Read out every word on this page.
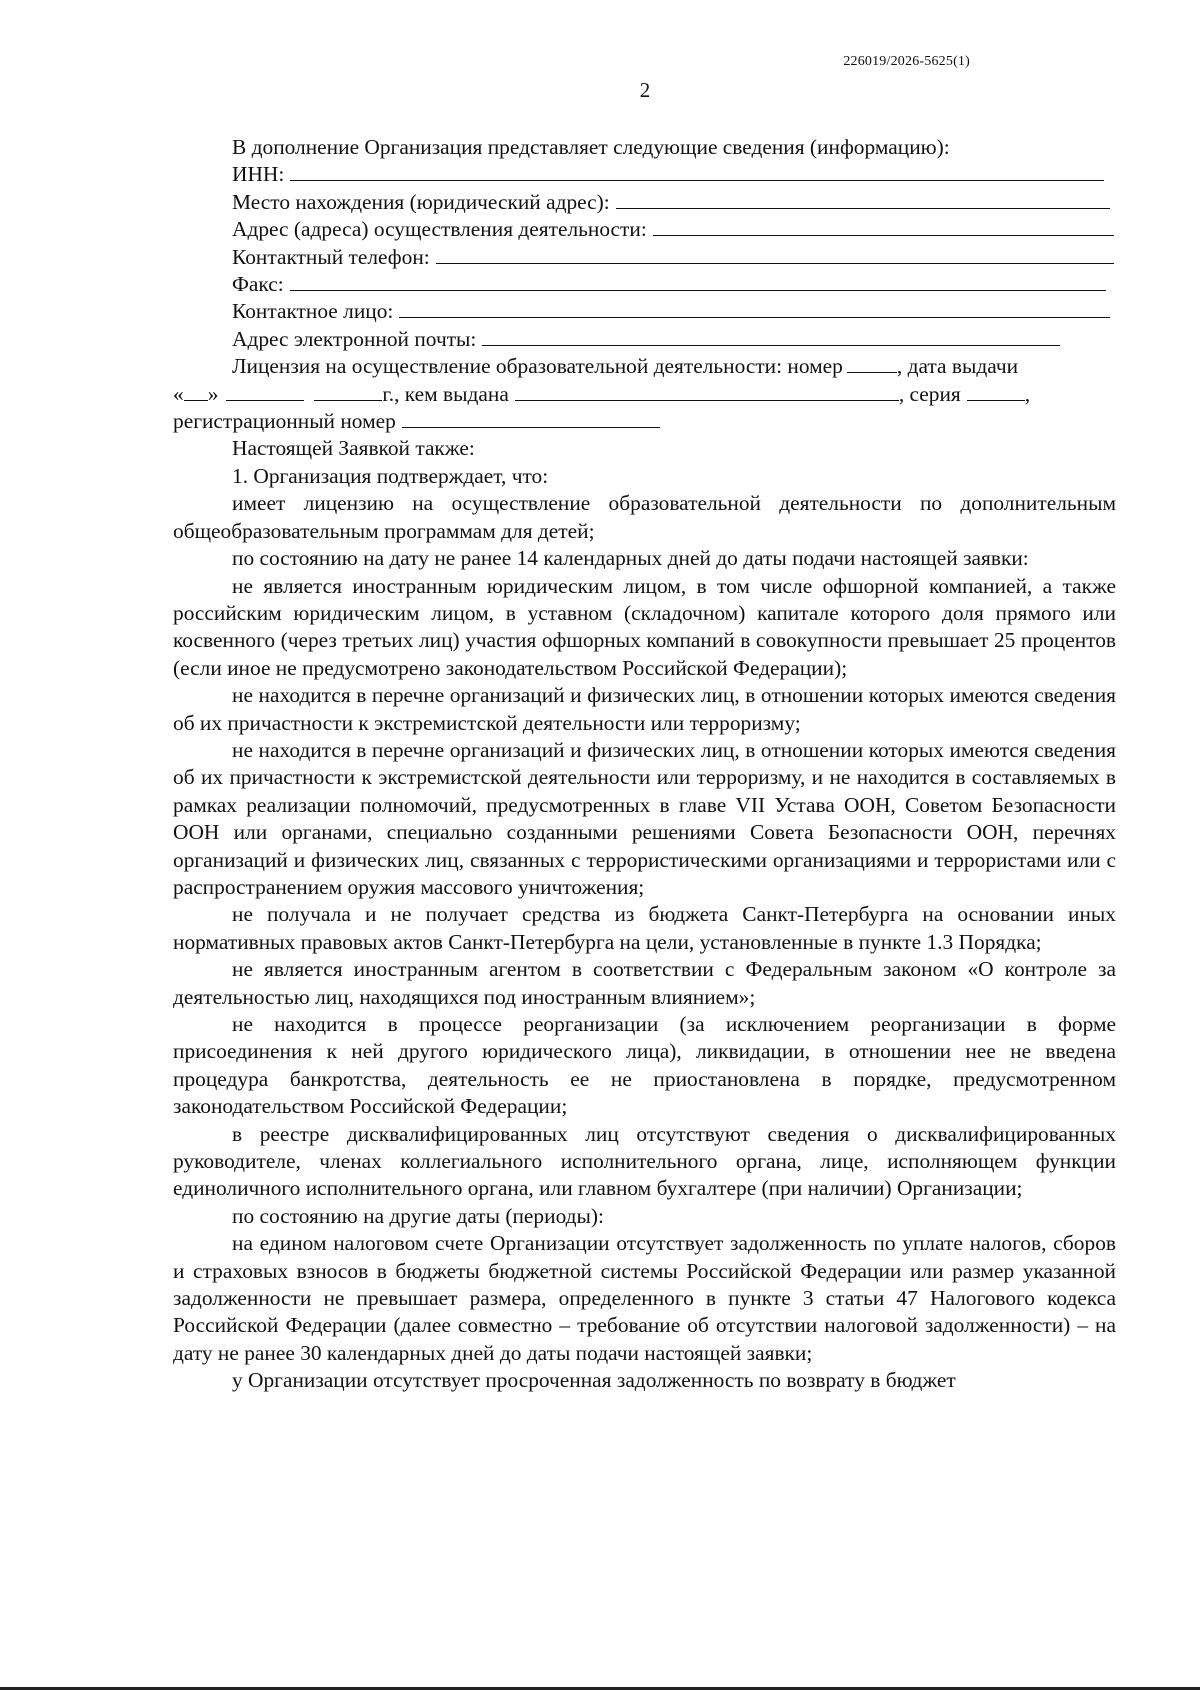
226019/2026-5625(1)
2

В дополнение Организация представляет следующие сведения (информацию):

ИНН:
Место нахождения (юридический адрес):
Адрес (адреса) осуществления деятельности:
Контактный телефон:
Факс:
Контактное лицо:
Адрес электронной почты:
Лицензия на осуществление образовательной деятельности: номер	, дата выдачи
« »	г., кем выдана	, серия	,
регистрационный номер

Настоящей Заявкой также:

1. Организация подтверждает, что:

имеет лицензию на осуществление образовательной деятельности по дополнительным общеобразовательным программам для детей;

по состоянию на дату не ранее 14 календарных дней до даты подачи настоящей заявки:

не является иностранным юридическим лицом, в том числе офшорной компанией, а также российским юридическим лицом, в уставном (складочном) капитале которого доля прямого или косвенного (через третьих лиц) участия офшорных компаний в совокупности превышает 25 процентов (если иное не предусмотрено законодательством Российской Федерации);

не находится в перечне организаций и физических лиц, в отношении которых имеются сведения об их причастности к экстремистской деятельности или терроризму;

не находится в перечне организаций и физических лиц, в отношении которых имеются сведения об их причастности к экстремистской деятельности или терроризму, и не находится в составляемых в рамках реализации полномочий, предусмотренных в главе VII Устава ООН, Советом Безопасности ООН или органами, специально созданными решениями Совета Безопасности ООН, перечнях организаций и физических лиц, связанных с террористическими организациями и террористами или с распространением оружия массового уничтожения;

не получала и не получает средства из бюджета Санкт-Петербурга на основании иных нормативных правовых актов Санкт-Петербурга на цели, установленные в пункте 1.3 Порядка;

не является иностранным агентом в соответствии с Федеральным законом «О контроле за деятельностью лиц, находящихся под иностранным влиянием»;

не находится в процессе реорганизации (за исключением реорганизации в форме присоединения к ней другого юридического лица), ликвидации, в отношении нее не введена процедура банкротства, деятельность ее не приостановлена в порядке, предусмотренном законодательством Российской Федерации;

в реестре дисквалифицированных лиц отсутствуют сведения о дисквалифицированных руководителе, членах коллегиального исполнительного органа, лице, исполняющем функции единоличного исполнительного органа, или главном бухгалтере (при наличии) Организации;

по состоянию на другие даты (периоды):

на едином налоговом счете Организации отсутствует задолженность по уплате налогов, сборов и страховых взносов в бюджеты бюджетной системы Российской Федерации или размер указанной задолженности не превышает размера, определенного в пункте 3 статьи 47 Налогового кодекса Российской Федерации (далее совместно – требование об отсутствии налоговой задолженности) – на дату не ранее 30 календарных дней до даты подачи настоящей заявки;

у Организации отсутствует просроченная задолженность по возврату в бюджет
